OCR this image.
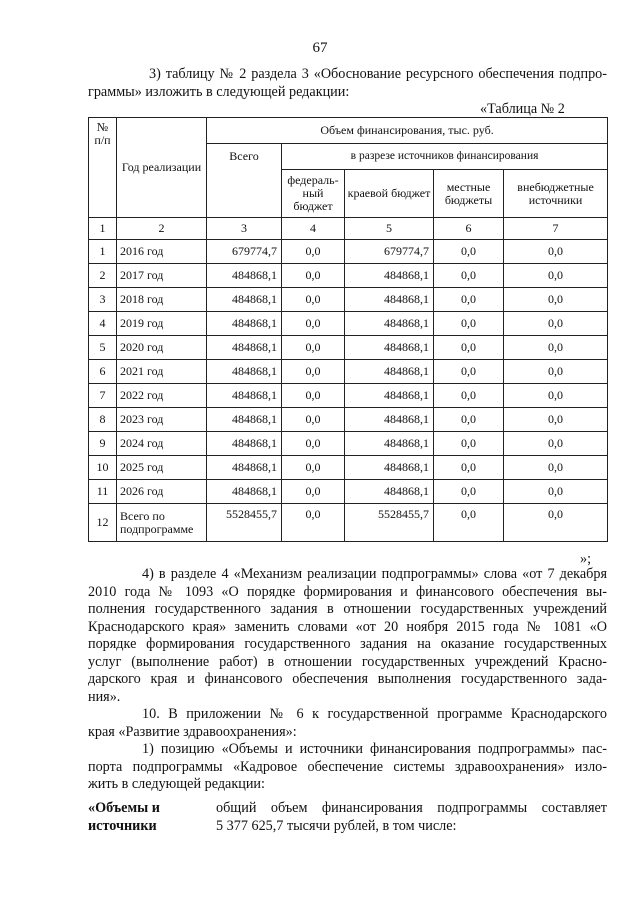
67
3) таблицу № 2 раздела 3 «Обоснование ресурсного обеспечения подпро-
граммы» изложить в следующей редакции:
«Таблица № 2
№ п/п	Год реализации	Объем финансирования, тыс. руб.				
		Всего	в разрезе источников финансирования			
			федераль-ный бюджет	краевой бюджет	местные бюджеты	внебюджетные источники
1	2	3	4	5	6	7
1	2016 год	679774,7	0,0	679774,7	0,0	0,0
2	2017 год	484868,1	0,0	484868,1	0,0	0,0
3	2018 год	484868,1	0,0	484868,1	0,0	0,0
4	2019 год	484868,1	0,0	484868,1	0,0	0,0
5	2020 год	484868,1	0,0	484868,1	0,0	0,0
6	2021 год	484868,1	0,0	484868,1	0,0	0,0
7	2022 год	484868,1	0,0	484868,1	0,0	0,0
8	2023 год	484868,1	0,0	484868,1	0,0	0,0
9	2024 год	484868,1	0,0	484868,1	0,0	0,0
10	2025 год	484868,1	0,0	484868,1	0,0	0,0
11	2026 год	484868,1	0,0	484868,1	0,0	0,0
12	Всего по подпрограмме	5528455,7	0,0	5528455,7	0,0	0,0
»;
4) в разделе 4 «Механизм реализации подпрограммы» слова «от 7 декабря
2010 года № 1093 «О порядке формирования и финансового обеспечения вы-
полнения государственного задания в отношении государственных учреждений
Краснодарского края» заменить словами «от 20 ноября 2015 года № 1081 «О
порядке формирования государственного задания на оказание государственных
услуг (выполнение работ) в отношении государственных учреждений Красно-
дарского края и финансового обеспечения выполнения государственного зада-
ния».
10. В приложении № 6 к государственной программе Краснодарского
края «Развитие здравоохранения»:
1) позицию «Объемы и источники финансирования подпрограммы» пас-
порта подпрограммы «Кадровое обеспечение системы здравоохранения» изло-
жить в следующей редакции:
«Объемы и
источники
общий объем финансирования подпрограммы составляет
5 377 625,7 тысячи рублей, в том числе:
